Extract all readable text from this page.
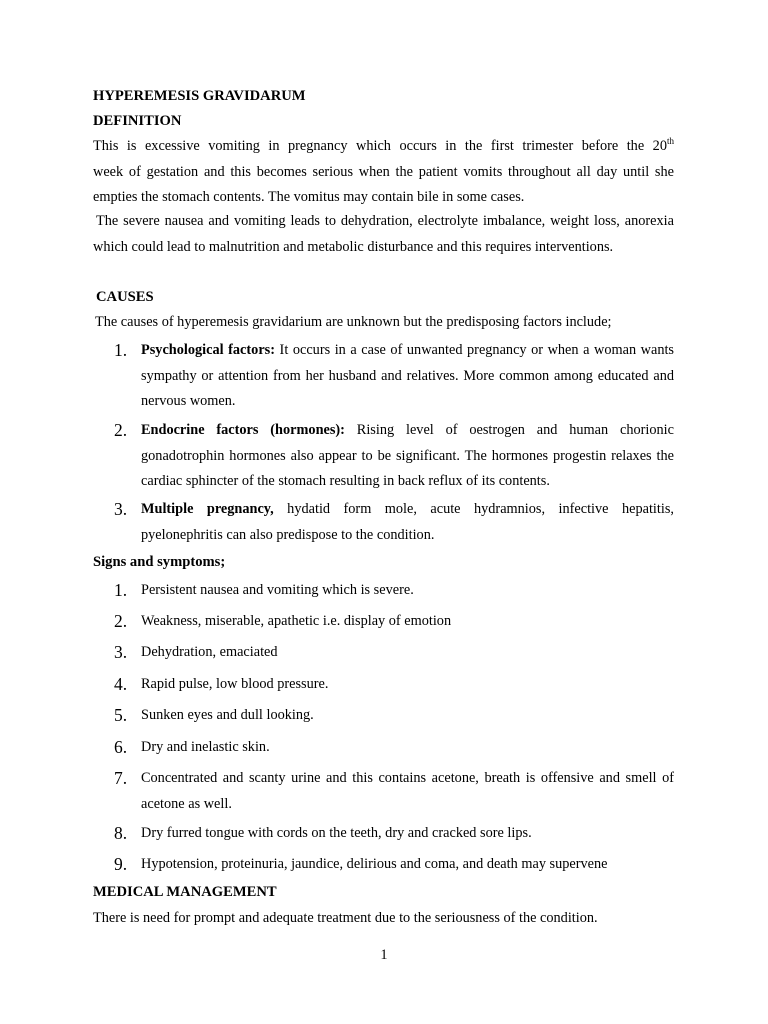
HYPEREMESIS GRAVIDARUM
DEFINITION
This is excessive vomiting in pregnancy which occurs in the first trimester before the 20th
week of gestation and this becomes serious when the patient vomits throughout all day until she empties the stomach contents. The vomitus may contain bile in some cases.
The severe nausea and vomiting leads to dehydration, electrolyte imbalance, weight loss, anorexia which could lead to malnutrition and metabolic disturbance and this requires interventions.
CAUSES
The causes of hyperemesis gravidarium are unknown but the predisposing factors include;
1. Psychological factors: It occurs in a case of unwanted pregnancy or when a woman wants sympathy or attention from her husband and relatives. More common among educated and nervous women.
2. Endocrine factors (hormones): Rising level of oestrogen and human chorionic gonadotrophin hormones also appear to be significant. The hormones progestin relaxes the cardiac sphincter of the stomach resulting in back reflux of its contents.
3. Multiple pregnancy, hydatid form mole, acute hydramnios, infective hepatitis, pyelonephritis can also predispose to the condition.
Signs and symptoms;
1. Persistent nausea and vomiting which is severe.
2. Weakness, miserable, apathetic i.e. display of emotion
3. Dehydration, emaciated
4. Rapid pulse, low blood pressure.
5. Sunken eyes and dull looking.
6. Dry and inelastic skin.
7. Concentrated and scanty urine and this contains acetone, breath is offensive and smell of acetone as well.
8. Dry furred tongue with cords on the teeth, dry and cracked sore lips.
9. Hypotension, proteinuria, jaundice, delirious and coma, and death may supervene
MEDICAL MANAGEMENT
There is need for prompt and adequate treatment due to the seriousness of the condition.
1
